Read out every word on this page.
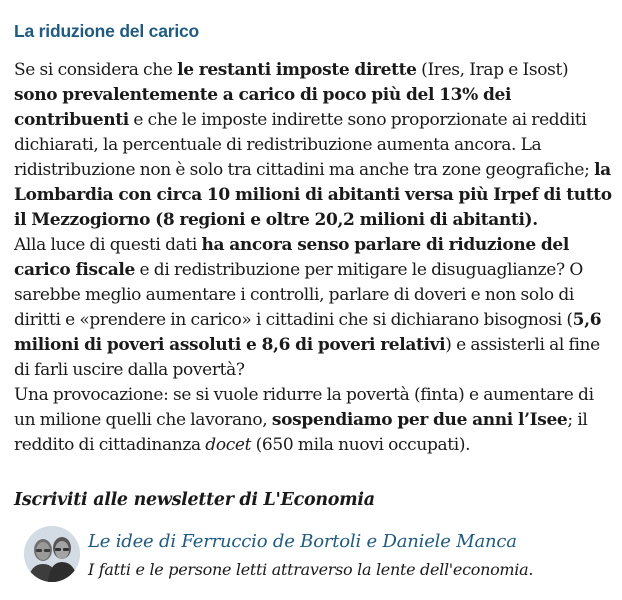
La riduzione del carico

Se si considera che le restanti imposte dirette (Ires, Irap e Isost) sono prevalentemente a carico di poco più del 13% dei contribuenti e che le imposte indirette sono proporzionate ai redditi dichiarati, la percentuale di redistribuzione aumenta ancora. La ridistribuzione non è solo tra cittadini ma anche tra zone geografiche; la Lombardia con circa 10 milioni di abitanti versa più Irpef di tutto il Mezzogiorno (8 regioni e oltre 20,2 milioni di abitanti).

Alla luce di questi dati ha ancora senso parlare di riduzione del carico fiscale e di redistribuzione per mitigare le disuguaglianze? O sarebbe meglio aumentare i controlli, parlare di doveri e non solo di diritti e «prendere in carico» i cittadini che si dichiarano bisognosi (5,6 milioni di poveri assoluti e 8,6 di poveri relativi) e assisterli al fine di farli uscire dalla povertà?

Una provocazione: se si vuole ridurre la povertà (finta) e aumentare di un milione quelli che lavorano, sospendiamo per due anni l’Isee; il reddito di cittadinanza docet (650 mila nuovi occupati).

Iscriviti alle newsletter di L'Economia
Le idee di Ferruccio de Bortoli e Daniele Manca
I fatti e le persone letti attraverso la lente dell'economia.
